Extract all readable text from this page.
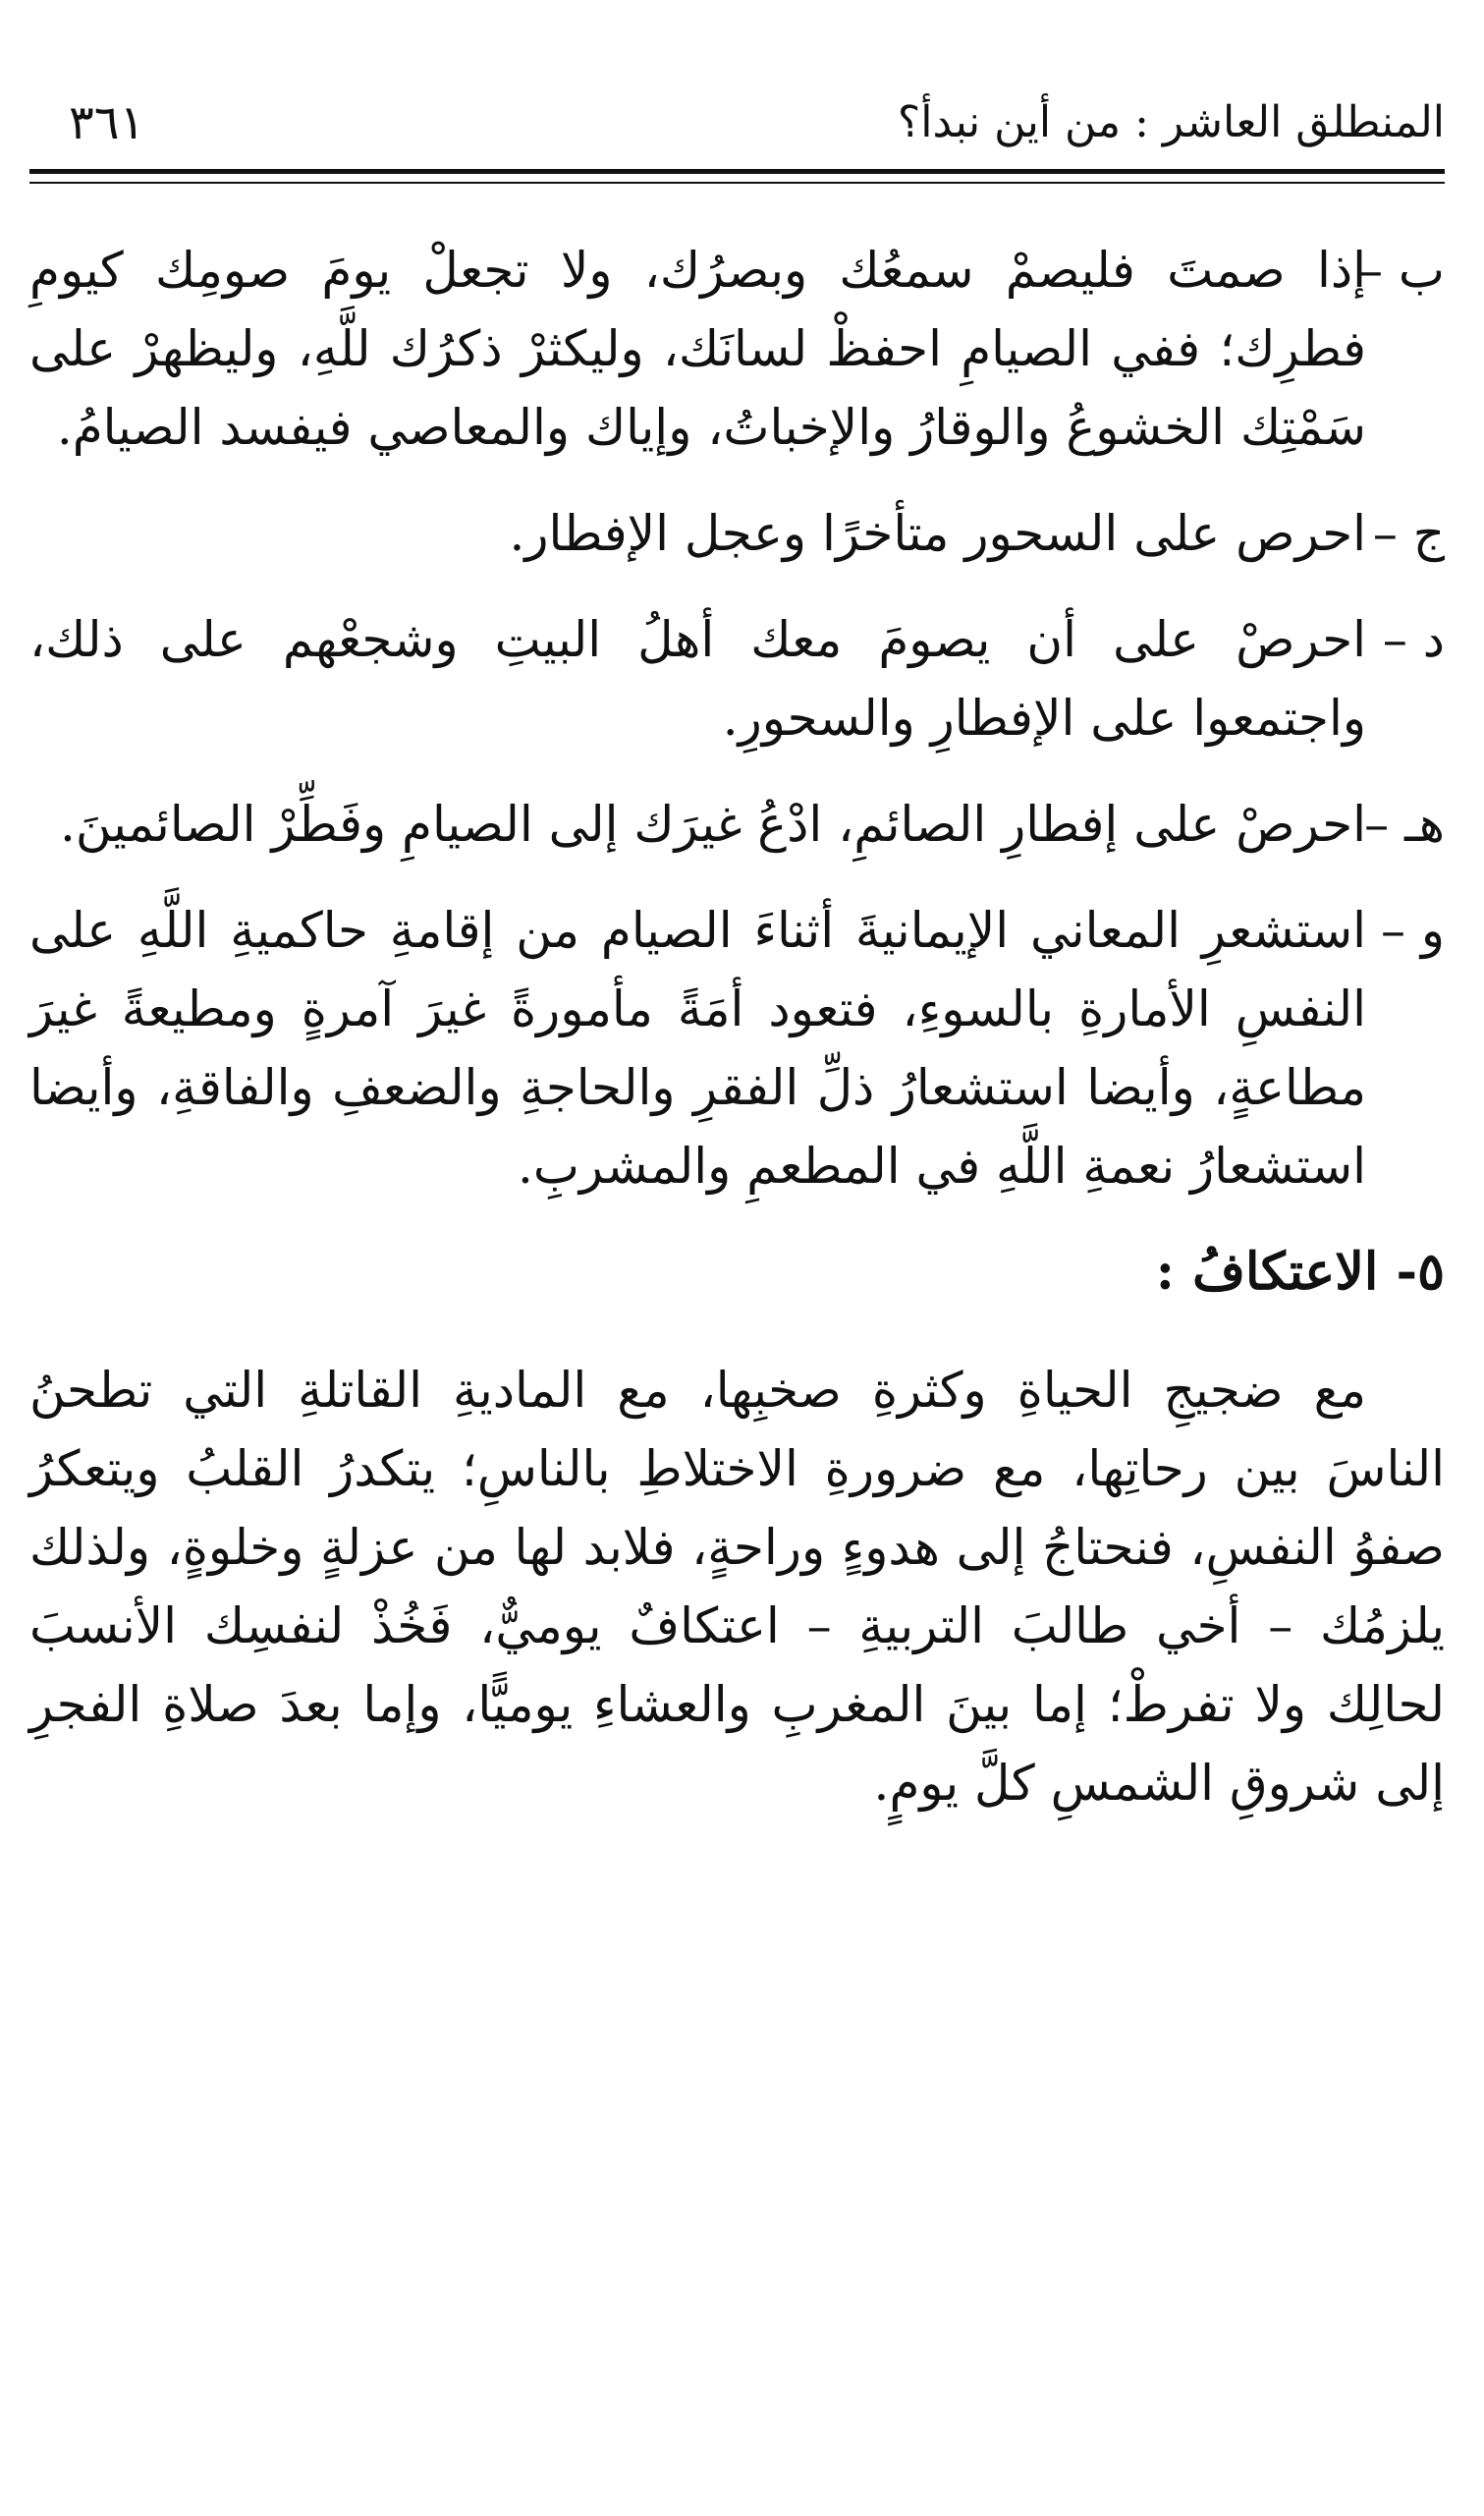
المنطلق العاشر : من أين نبدأ؟
٣٦١
ب –
إذا صمتَ فليصمْ سمعُك وبصرُك، ولا تجعلْ يومَ صومِك كيومِ فطرِك؛ ففي الصيامِ احفظْ لسانَك، وليكثرْ ذكرُك للَّهِ، وليظهرْ على سَمْتِك الخشوعُ والوقارُ والإخباتُ، وإياك والمعاصي فيفسد الصيامُ.
ج –
احرص على السحور متأخرًا وعجل الإفطار.
د –
احرصْ على أن يصومَ معك أهلُ البيتِ وشجعْهم على ذلك، واجتمعوا على الإفطارِ والسحورِ.
هـ –
احرصْ على إفطارِ الصائمِ، ادْعُ غيرَك إلى الصيامِ وفَطِّرْ الصائمينَ.
و –
استشعرِ المعاني الإيمانيةَ أثناءَ الصيام من إقامةِ حاكميةِ اللَّهِ على النفسِ الأمارةِ بالسوءِ، فتعود أمَةً مأمورةً غيرَ آمرةٍ ومطيعةً غيرَ مطاعةٍ، وأيضا استشعارُ ذلِّ الفقرِ والحاجةِ والضعفِ والفاقةِ، وأيضا استشعارُ نعمةِ اللَّهِ في المطعمِ والمشربِ.
٥- الاعتكافُ :

مع ضجيجِ الحياةِ وكثرةِ صخبِها، مع الماديةِ القاتلةِ التي تطحنُ الناسَ بين رحاتِها، مع ضرورةِ الاختلاطِ بالناسِ؛ يتكدرُ القلبُ ويتعكرُ صفوُ النفسِ، فنحتاجُ إلى هدوءٍ وراحةٍ، فلابد لها من عزلةٍ وخلوةٍ، ولذلك يلزمُك – أخي طالبَ التربيةِ – اعتكافٌ يوميٌّ، فَخُذْ لنفسِك الأنسبَ لحالِك ولا تفرطْ؛ إما بينَ المغربِ والعشاءِ يوميًّا، وإما بعدَ صلاةِ الفجرِ إلى شروقِ الشمسِ كلَّ يومٍ.
